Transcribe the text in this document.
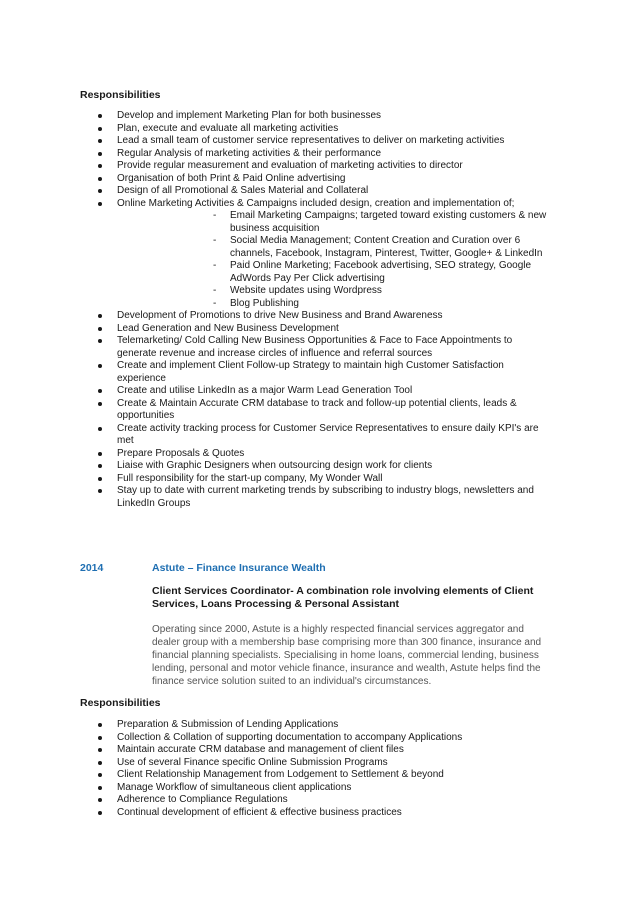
Responsibilities
Develop and implement Marketing Plan for both businesses
Plan, execute and evaluate all marketing activities
Lead a small team of customer service representatives to deliver on marketing activities
Regular Analysis of marketing activities & their performance
Provide regular measurement and evaluation of marketing activities to director
Organisation of both Print & Paid Online advertising
Design of all Promotional & Sales Material and Collateral
Online Marketing Activities & Campaigns included design, creation and implementation of;
- Email Marketing Campaigns; targeted toward existing customers & new business acquisition
- Social Media Management; Content Creation and Curation over 6 channels, Facebook, Instagram, Pinterest, Twitter, Google+ & LinkedIn
- Paid Online Marketing; Facebook advertising, SEO strategy, Google AdWords Pay Per Click advertising
- Website updates using Wordpress
- Blog Publishing
Development of Promotions to drive New Business and Brand Awareness
Lead Generation and New Business Development
Telemarketing/ Cold Calling New Business Opportunities & Face to Face Appointments to generate revenue and increase circles of influence and referral sources
Create and implement Client Follow-up Strategy to maintain high Customer Satisfaction experience
Create and utilise LinkedIn as a major Warm Lead Generation Tool
Create & Maintain Accurate CRM database to track and follow-up potential clients, leads & opportunities
Create activity tracking process for Customer Service Representatives to ensure daily KPI's are met
Prepare Proposals & Quotes
Liaise with Graphic Designers when outsourcing design work for clients
Full responsibility for the start-up company, My Wonder Wall
Stay up to date with current marketing trends by subscribing to industry blogs, newsletters and LinkedIn Groups
2014	Astute – Finance Insurance Wealth
Client Services Coordinator- A combination role involving elements of Client Services, Loans Processing & Personal Assistant
Operating since 2000, Astute is a highly respected financial services aggregator and dealer group with a membership base comprising more than 300 finance, insurance and financial planning specialists. Specialising in home loans, commercial lending, business lending, personal and motor vehicle finance, insurance and wealth, Astute helps find the finance service solution suited to an individual's circumstances.
Responsibilities
Preparation & Submission of Lending Applications
Collection & Collation of supporting documentation to accompany Applications
Maintain accurate CRM database and management of client files
Use of several Finance specific Online Submission Programs
Client Relationship Management from Lodgement to Settlement & beyond
Manage Workflow of simultaneous client applications
Adherence to Compliance Regulations
Continual development of efficient & effective business practices
